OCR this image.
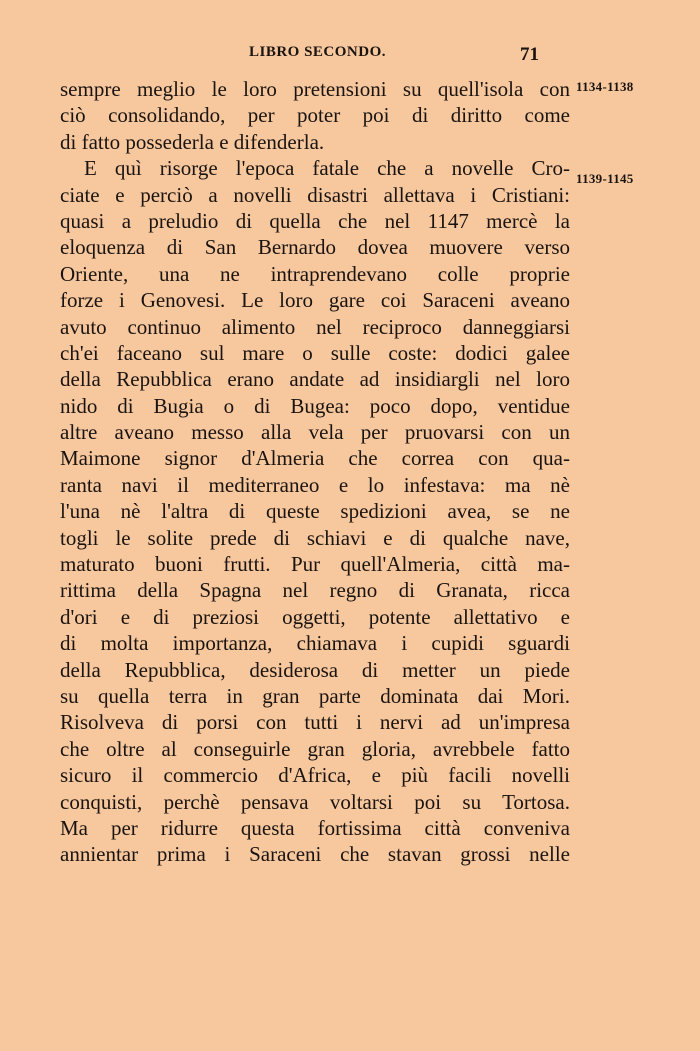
LIBRO SECONDO.	71
1134-1138
1139-1145
sempre meglio le loro pretensioni su quell'isola con
ciò consolidando, per poter poi di diritto come
di fatto possederla e difenderla.
E quì risorge l'epoca fatale che a novelle Cro-
ciate e perciò a novelli disastri allettava i Cristiani:
quasi a preludio di quella che nel 1147 mercè la
eloquenza di San Bernardo dovea muovere verso
Oriente, una ne intraprendevano colle proprie
forze i Genovesi. Le loro gare coi Saraceni aveano
avuto continuo alimento nel reciproco danneggiarsi
ch'ei faceano sul mare o sulle coste: dodici galee
della Repubblica erano andate ad insidiargli nel loro
nido di Bugia o di Bugea: poco dopo, ventidue
altre aveano messo alla vela per pruovarsi con un
Maimone signor d'Almeria che correa con qua-
ranta navi il mediterraneo e lo infestava: ma nè
l'una nè l'altra di queste spedizioni avea, se ne
togli le solite prede di schiavi e di qualche nave,
maturato buoni frutti. Pur quell'Almeria, città ma-
rittima della Spagna nel regno di Granata, ricca
d'ori e di preziosi oggetti, potente allettativo e
di molta importanza, chiamava i cupidi sguardi
della Repubblica, desiderosa di metter un piede
su quella terra in gran parte dominata dai Mori.
Risolveva di porsi con tutti i nervi ad un'impresa
che oltre al conseguirle gran gloria, avrebbele fatto
sicuro il commercio d'Africa, e più facili novelli
conquisti, perchè pensava voltarsi poi su Tortosa.
Ma per ridurre questa fortissima città conveniva
annientar prima i Saraceni che stavan grossi nelle
